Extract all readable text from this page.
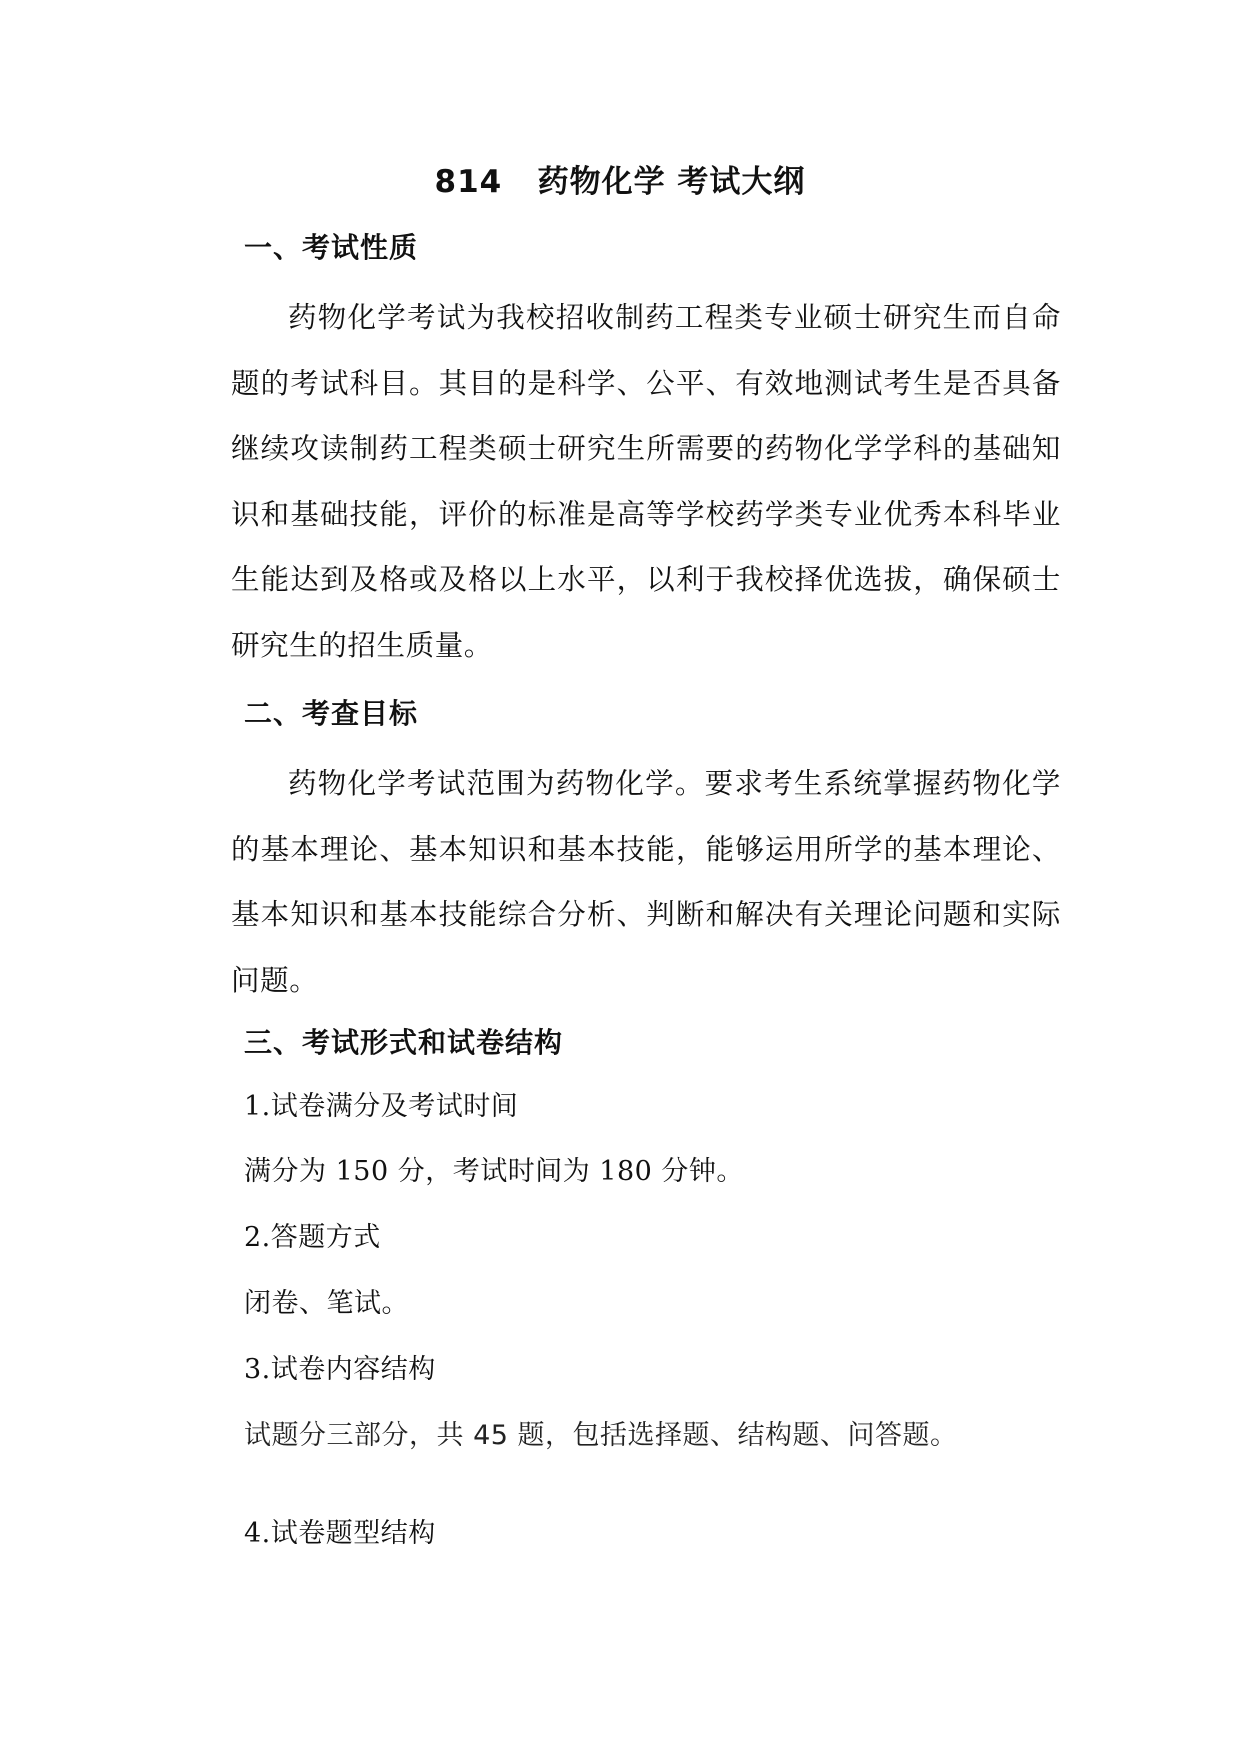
814   药物化学 考试大纲
一、考试性质

药物化学考试为我校招收制药工程类专业硕士研究生而自命题的考试科目。其目的是科学、公平、有效地测试考生是否具备继续攻读制药工程类硕士研究生所需要的药物化学学科的基础知识和基础技能，评价的标准是高等学校药学类专业优秀本科毕业生能达到及格或及格以上水平，以利于我校择优选拔，确保硕士研究生的招生质量。

二、考查目标

药物化学考试范围为药物化学。要求考生系统掌握药物化学的基本理论、基本知识和基本技能，能够运用所学的基本理论、基本知识和基本技能综合分析、判断和解决有关理论问题和实际问题。

三、考试形式和试卷结构
1.试卷满分及考试时间
满分为 150 分，考试时间为 180 分钟。
2.答题方式
闭卷、笔试。
3.试卷内容结构
试题分三部分，共 45 题，包括选择题、结构题、问答题。
4.试卷题型结构
